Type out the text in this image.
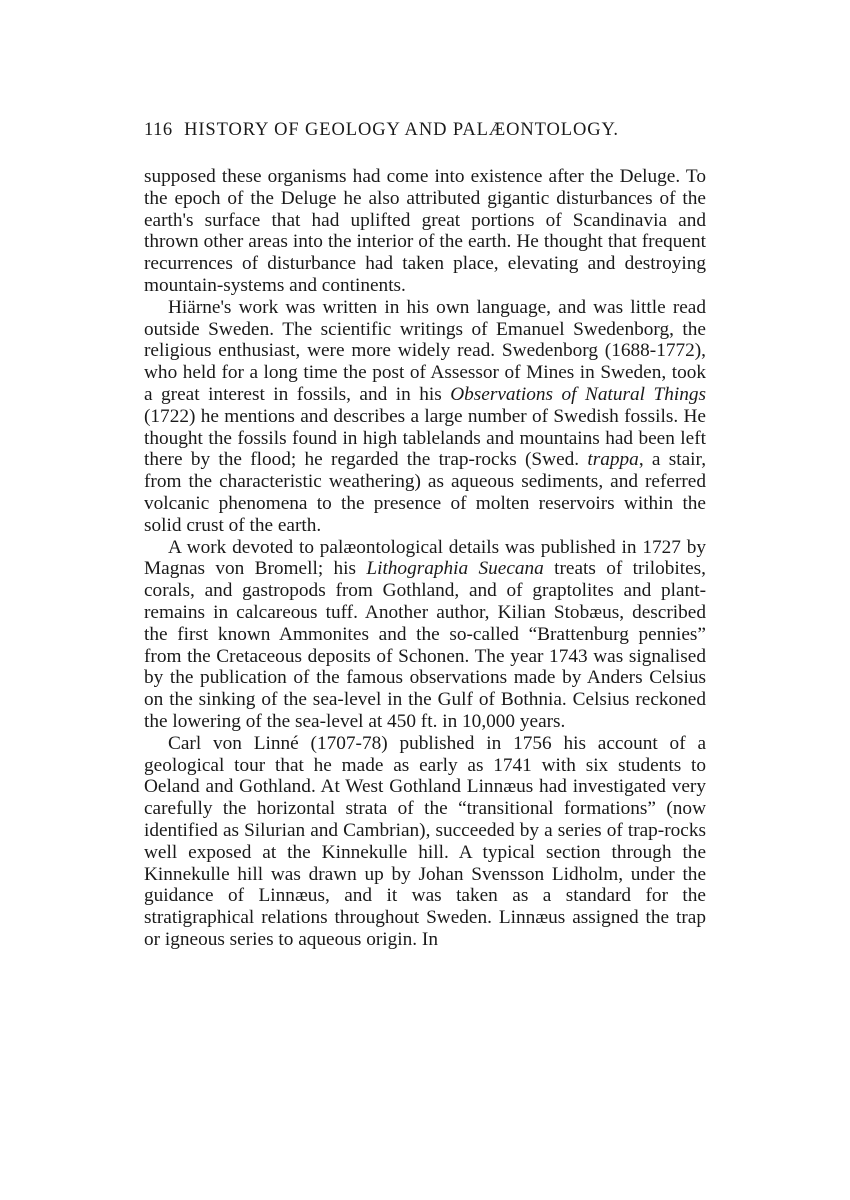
116 HISTORY OF GEOLOGY AND PALÆONTOLOGY.

supposed these organisms had come into existence after the Deluge. To the epoch of the Deluge he also attributed gigantic disturbances of the earth's surface that had uplifted great portions of Scandinavia and thrown other areas into the interior of the earth. He thought that frequent recurrences of disturbance had taken place, elevating and destroying mountain-systems and continents.

Hiärne's work was written in his own language, and was little read outside Sweden. The scientific writings of Emanuel Swedenborg, the religious enthusiast, were more widely read. Swedenborg (1688-1772), who held for a long time the post of Assessor of Mines in Sweden, took a great interest in fossils, and in his Observations of Natural Things (1722) he mentions and describes a large number of Swedish fossils. He thought the fossils found in high tablelands and mountains had been left there by the flood; he regarded the trap-rocks (Swed. trappa, a stair, from the characteristic weathering) as aqueous sediments, and referred volcanic phenomena to the presence of molten reservoirs within the solid crust of the earth.

A work devoted to palæontological details was published in 1727 by Magnas von Bromell; his Lithographia Suecana treats of trilobites, corals, and gastropods from Gothland, and of graptolites and plant-remains in calcareous tuff. Another author, Kilian Stobæus, described the first known Ammonites and the so-called “Brattenburg pennies” from the Cretaceous deposits of Schonen. The year 1743 was signalised by the publication of the famous observations made by Anders Celsius on the sinking of the sea-level in the Gulf of Bothnia. Celsius reckoned the lowering of the sea-level at 450 ft. in 10,000 years.

Carl von Linné (1707-78) published in 1756 his account of a geological tour that he made as early as 1741 with six students to Oeland and Gothland. At West Gothland Linnæus had investigated very carefully the horizontal strata of the “transitional formations” (now identified as Silurian and Cambrian), succeeded by a series of trap-rocks well exposed at the Kinnekulle hill. A typical section through the Kinnekulle hill was drawn up by Johan Svensson Lidholm, under the guidance of Linnæus, and it was taken as a standard for the stratigraphical relations throughout Sweden. Linnæus assigned the trap or igneous series to aqueous origin. In
